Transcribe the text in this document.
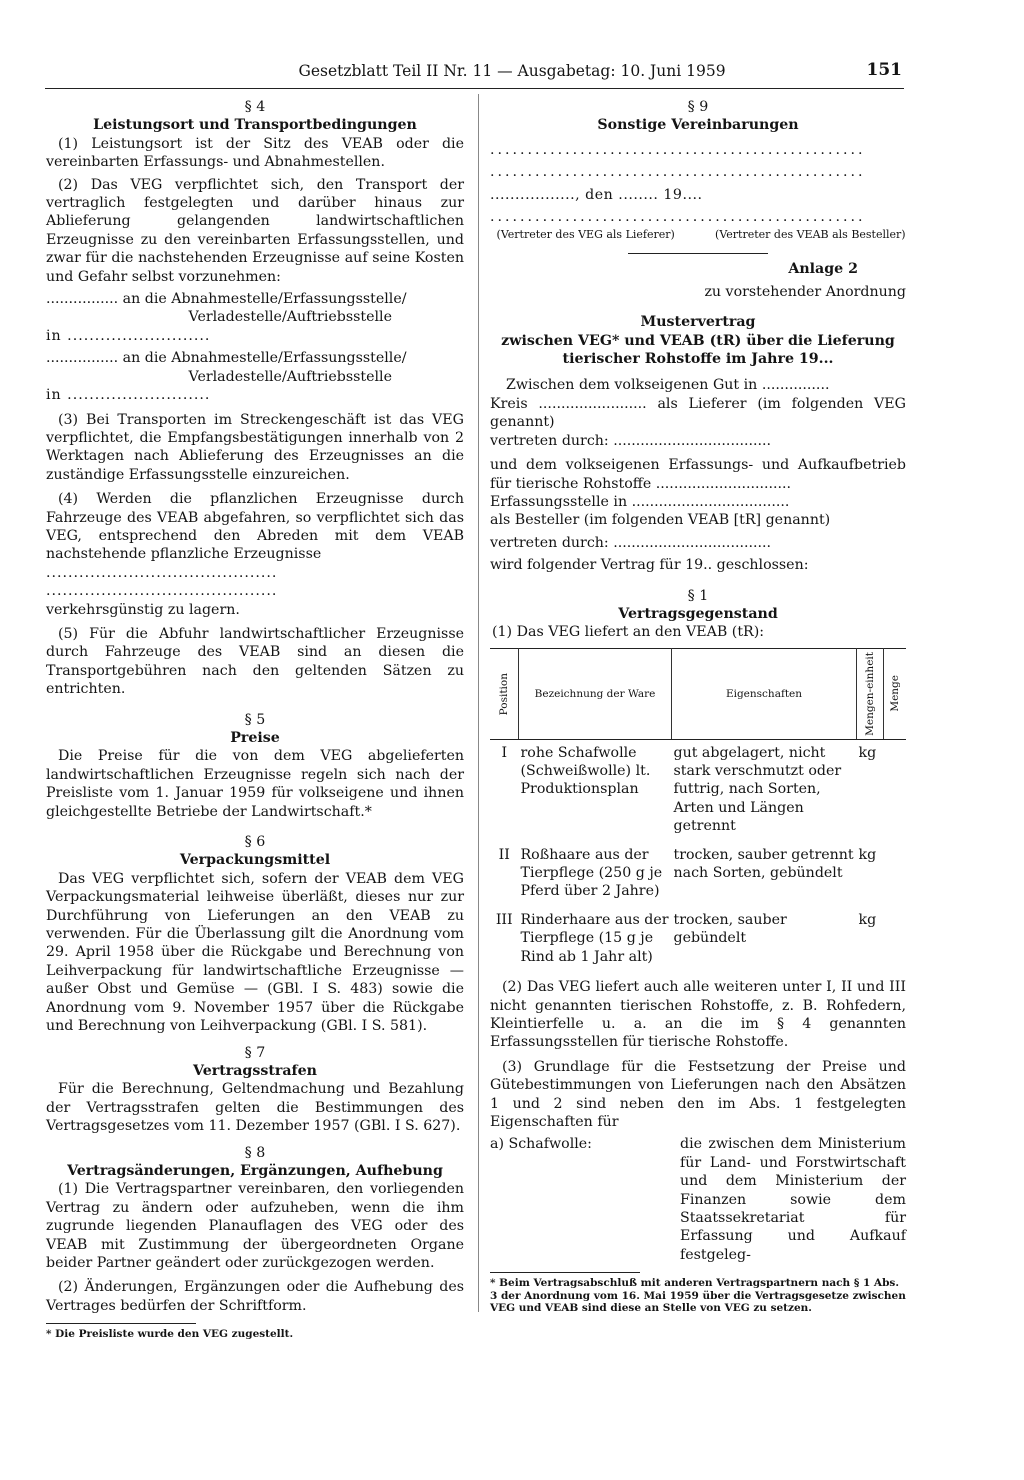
Gesetzblatt Teil II Nr. 11 — Ausgabetag: 10. Juni 1959	151

§ 4

Leistungsort und Transportbedingungen

(1) Leistungsort ist der Sitz des VEAB oder die vereinbarten Erfassungs- und Abnahmestellen.

(2) Das VEG verpflichtet sich, den Transport der vertraglich festgelegten und darüber hinaus zur Ablieferung gelangenden landwirtschaftlichen Erzeugnisse zu den vereinbarten Erfassungsstellen, und zwar für die nachstehenden Erzeugnisse auf seine Kosten und Gefahr selbst vorzunehmen:

................ an die Abnahmestelle/Erfassungsstelle/

Verladestelle/Auftriebsstelle

in ..........................

................ an die Abnahmestelle/Erfassungsstelle/

Verladestelle/Auftriebsstelle

in ..........................

(3) Bei Transporten im Streckengeschäft ist das VEG verpflichtet, die Empfangsbestätigungen innerhalb von 2 Werktagen nach Ablieferung des Erzeugnisses an die zuständige Erfassungsstelle einzureichen.

(4) Werden die pflanzlichen Erzeugnisse durch Fahrzeuge des VEAB abgefahren, so verpflichtet sich das VEG, entsprechend den Abreden mit dem VEAB nachstehende pflanzliche Erzeugnisse

..........................................

..........................................

verkehrsgünstig zu lagern.

(5) Für die Abfuhr landwirtschaftlicher Erzeugnisse durch Fahrzeuge des VEAB sind an diesen die Transportgebühren nach den geltenden Sätzen zu entrichten.

§ 5

Preise

Die Preise für die von dem VEG abgelieferten landwirtschaftlichen Erzeugnisse regeln sich nach der Preisliste vom 1. Januar 1959 für volkseigene und ihnen gleichgestellte Betriebe der Landwirtschaft.*

§ 6

Verpackungsmittel

Das VEG verpflichtet sich, sofern der VEAB dem VEG Verpackungsmaterial leihweise überläßt, dieses nur zur Durchführung von Lieferungen an den VEAB zu verwenden. Für die Überlassung gilt die Anordnung vom 29. April 1958 über die Rückgabe und Berechnung von Leihverpackung für landwirtschaftliche Erzeugnisse — außer Obst und Gemüse — (GBl. I S. 483) sowie die Anordnung vom 9. November 1957 über die Rückgabe und Berechnung von Leihverpackung (GBl. I S. 581).

§ 7

Vertragsstrafen

Für die Berechnung, Geltendmachung und Bezahlung der Vertragsstrafen gelten die Bestimmungen des Vertragsgesetzes vom 11. Dezember 1957 (GBl. I S. 627).

§ 8

Vertragsänderungen, Ergänzungen, Aufhebung

(1) Die Vertragspartner vereinbaren, den vorliegenden Vertrag zu ändern oder aufzuheben, wenn die ihm zugrunde liegenden Planauflagen des VEG oder des VEAB mit Zustimmung der übergeordneten Organe beider Partner geändert oder zurückgezogen werden.

(2) Änderungen, Ergänzungen oder die Aufhebung des Vertrages bedürfen der Schriftform.

* Die Preisliste wurde den VEG zugestellt.

§ 9

Sonstige Vereinbarungen

..................................................

..................................................

................., den ........ 19....

..................................................

(Vertreter des VEG als Lieferer)	(Vertreter des VEAB als Besteller)

Anlage 2

zu vorstehender Anordnung

Mustervertrag

zwischen VEG* und VEAB (tR) über die Lieferung

tierischer Rohstoffe im Jahre 19...

Zwischen dem volkseigenen Gut in ...............

Kreis ........................ als Lieferer (im folgenden VEG genannt)

vertreten durch: ...................................

und dem volkseigenen Erfassungs- und Aufkaufbetrieb für tierische Rohstoffe ..............................

Erfassungsstelle in ...................................

als Besteller (im folgenden VEAB [tR] genannt)

vertreten durch: ...................................

wird folgender Vertrag für 19.. geschlossen:

§ 1

Vertragsgegenstand

(1) Das VEG liefert an den VEAB (tR):

Position	Bezeichnung der Ware	Eigenschaften	Mengen-einheit	Menge

I	rohe Schafwolle (Schweißwolle) lt. Produktionsplan	gut abgelagert, nicht stark verschmutzt oder futtrig, nach Sorten, Arten und Längen getrennt	kg	
II	Roßhaare aus der Tierpflege (250 g je Pferd über 2 Jahre)	trocken, sauber getrennt nach Sorten, gebündelt	kg	
III	Rinderhaare aus der Tierpflege (15 g je Rind ab 1 Jahr alt)	trocken, sauber gebündelt	kg	

(2) Das VEG liefert auch alle weiteren unter I, II und III nicht genannten tierischen Rohstoffe, z. B. Rohfedern, Kleintierfelle u. a. an die im § 4 genannten Erfassungsstellen für tierische Rohstoffe.

(3) Grundlage für die Festsetzung der Preise und Gütebestimmungen von Lieferungen nach den Absätzen 1 und 2 sind neben den im Abs. 1 festgelegten Eigenschaften für

a) Schafwolle:	die zwischen dem Ministerium für Land- und Forstwirtschaft und dem Ministerium der Finanzen sowie dem Staatssekretariat für Erfassung und Aufkauf festgeleg-

* Beim Vertragsabschluß mit anderen Vertragspartnern nach § 1 Abs. 3 der Anordnung vom 16. Mai 1959 über die Vertragsgesetze zwischen VEG und VEAB sind diese an Stelle von VEG zu setzen.
